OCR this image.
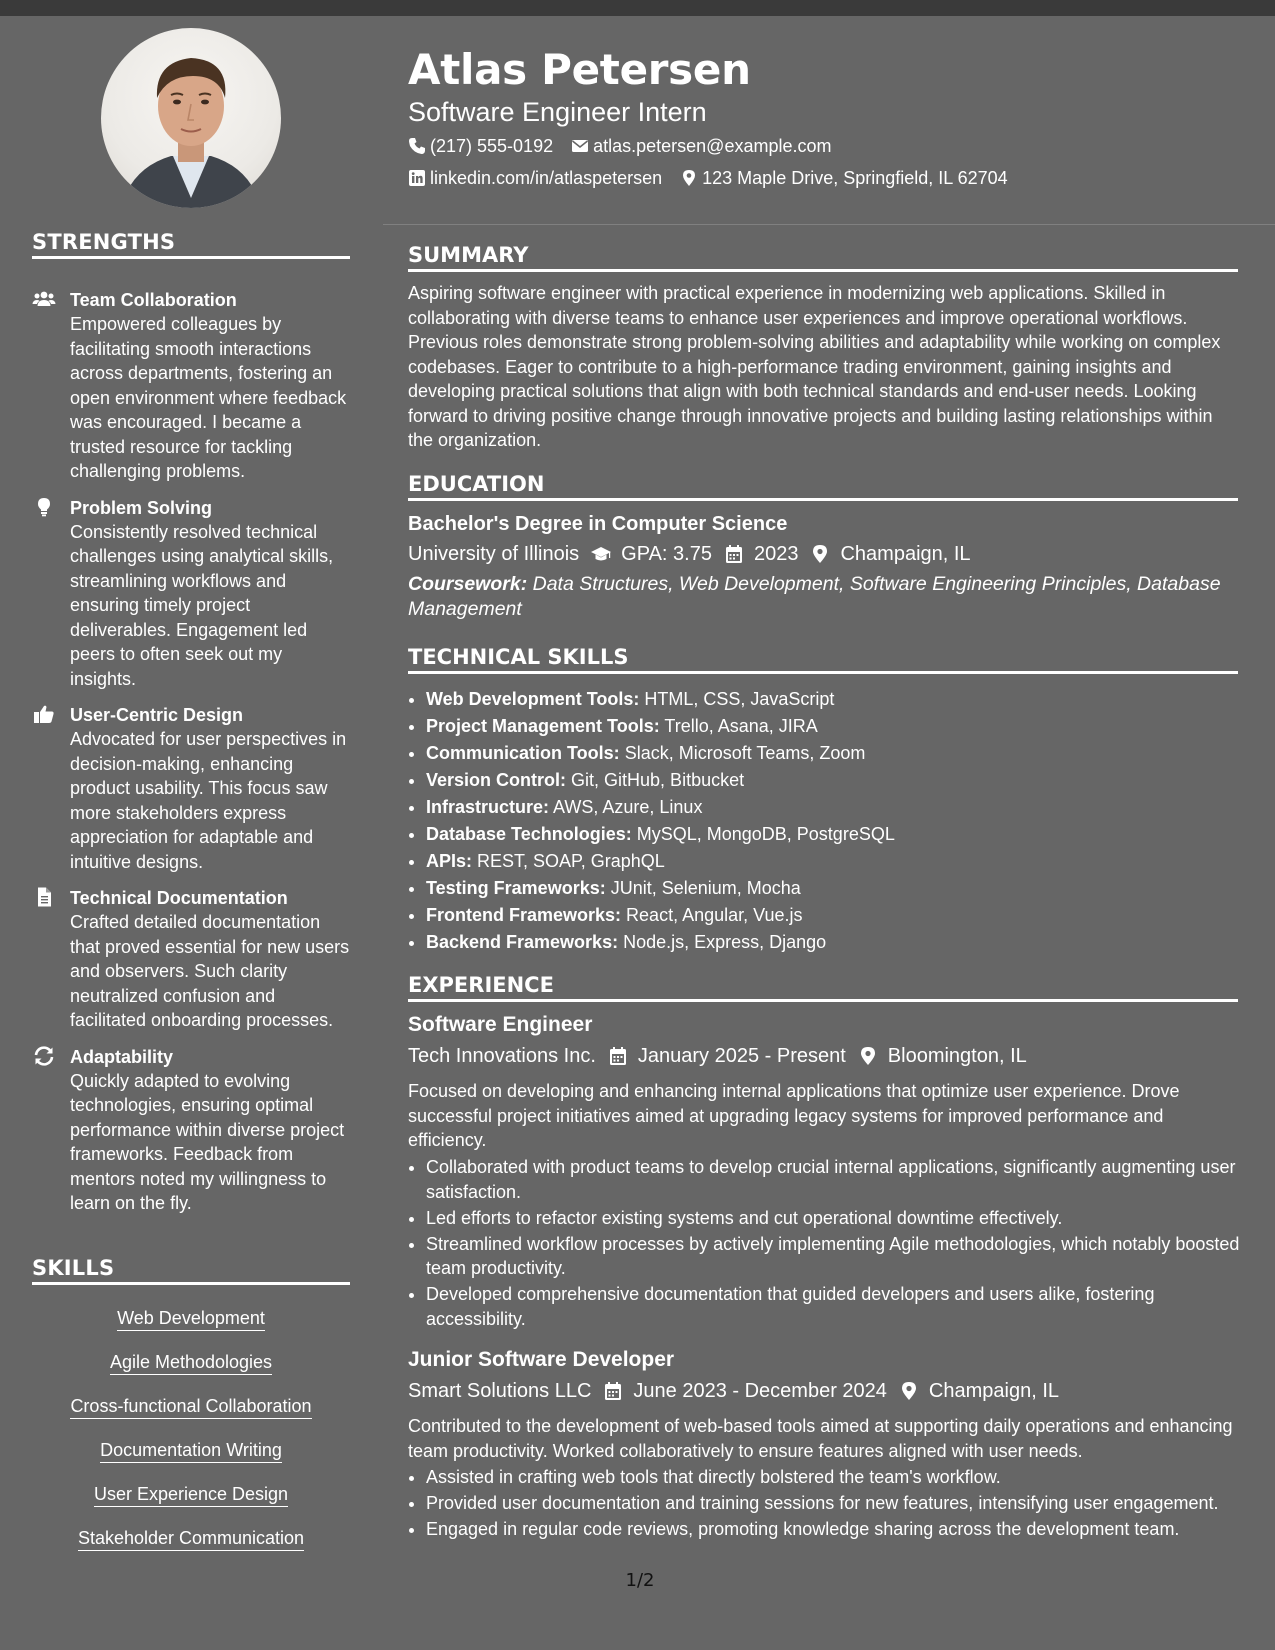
STRENGTHS
Team Collaboration
Empowered colleagues by facilitating smooth interactions across departments, fostering an open environment where feedback was encouraged. I became a trusted resource for tackling challenging problems.
Problem Solving
Consistently resolved technical challenges using analytical skills, streamlining workflows and ensuring timely project deliverables. Engagement led peers to often seek out my insights.
User-Centric Design
Advocated for user perspectives in decision-making, enhancing product usability. This focus saw more stakeholders express appreciation for adaptable and intuitive designs.
Technical Documentation
Crafted detailed documentation that proved essential for new users and observers. Such clarity neutralized confusion and facilitated onboarding processes.
Adaptability
Quickly adapted to evolving technologies, ensuring optimal performance within diverse project frameworks. Feedback from mentors noted my willingness to learn on the fly.
SKILLS
Web Development
Agile Methodologies
Cross-functional Collaboration
Documentation Writing
User Experience Design
Stakeholder Communication
Atlas Petersen
Software Engineer Intern
(217) 555-0192 atlas.petersen@example.com
linkedin.com/in/atlaspetersen 123 Maple Drive, Springfield, IL 62704
SUMMARY
Aspiring software engineer with practical experience in modernizing web applications. Skilled in collaborating with diverse teams to enhance user experiences and improve operational workflows. Previous roles demonstrate strong problem-solving abilities and adaptability while working on complex codebases. Eager to contribute to a high-performance trading environment, gaining insights and developing practical solutions that align with both technical standards and end-user needs. Looking forward to driving positive change through innovative projects and building lasting relationships within the organization.
EDUCATION
Bachelor's Degree in Computer Science
University of Illinois GPA: 3.75 2023 Champaign, IL
Coursework: Data Structures, Web Development, Software Engineering Principles, Database Management
TECHNICAL SKILLS
• Web Development Tools: HTML, CSS, JavaScript
• Project Management Tools: Trello, Asana, JIRA
• Communication Tools: Slack, Microsoft Teams, Zoom
• Version Control: Git, GitHub, Bitbucket
• Infrastructure: AWS, Azure, Linux
• Database Technologies: MySQL, MongoDB, PostgreSQL
• APIs: REST, SOAP, GraphQL
• Testing Frameworks: JUnit, Selenium, Mocha
• Frontend Frameworks: React, Angular, Vue.js
• Backend Frameworks: Node.js, Express, Django
EXPERIENCE
Software Engineer
Tech Innovations Inc. January 2025 - Present Bloomington, IL
Focused on developing and enhancing internal applications that optimize user experience. Drove successful project initiatives aimed at upgrading legacy systems for improved performance and efficiency.
• Collaborated with product teams to develop crucial internal applications, significantly augmenting user satisfaction.
• Led efforts to refactor existing systems and cut operational downtime effectively.
• Streamlined workflow processes by actively implementing Agile methodologies, which notably boosted team productivity.
• Developed comprehensive documentation that guided developers and users alike, fostering accessibility.
Junior Software Developer
Smart Solutions LLC June 2023 - December 2024 Champaign, IL
Contributed to the development of web-based tools aimed at supporting daily operations and enhancing team productivity. Worked collaboratively to ensure features aligned with user needs.
• Assisted in crafting web tools that directly bolstered the team's workflow.
• Provided user documentation and training sessions for new features, intensifying user engagement.
• Engaged in regular code reviews, promoting knowledge sharing across the development team.
1/2
